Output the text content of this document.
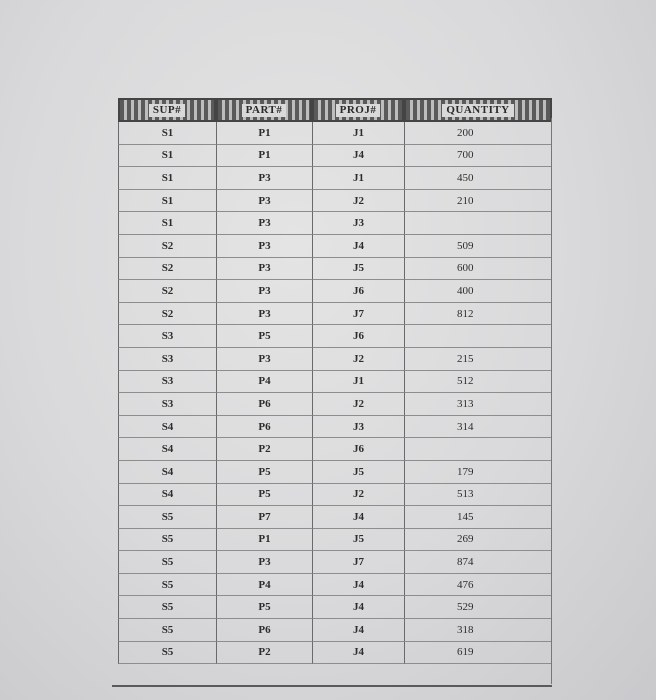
SUP#	PART#	PROJ#	QUANTITY
S1	P1	J1	200
S1	P1	J4	700
S1	P3	J1	450
S1	P3	J2	210
S1	P3	J3	
S2	P3	J4	509
S2	P3	J5	600
S2	P3	J6	400
S2	P3	J7	812
S3	P5	J6	
S3	P3	J2	215
S3	P4	J1	512
S3	P6	J2	313
S4	P6	J3	314
S4	P2	J6	
S4	P5	J5	179
S4	P5	J2	513
S5	P7	J4	145
S5	P1	J5	269
S5	P3	J7	874
S5	P4	J4	476
S5	P5	J4	529
S5	P6	J4	318
S5	P2	J4	619
